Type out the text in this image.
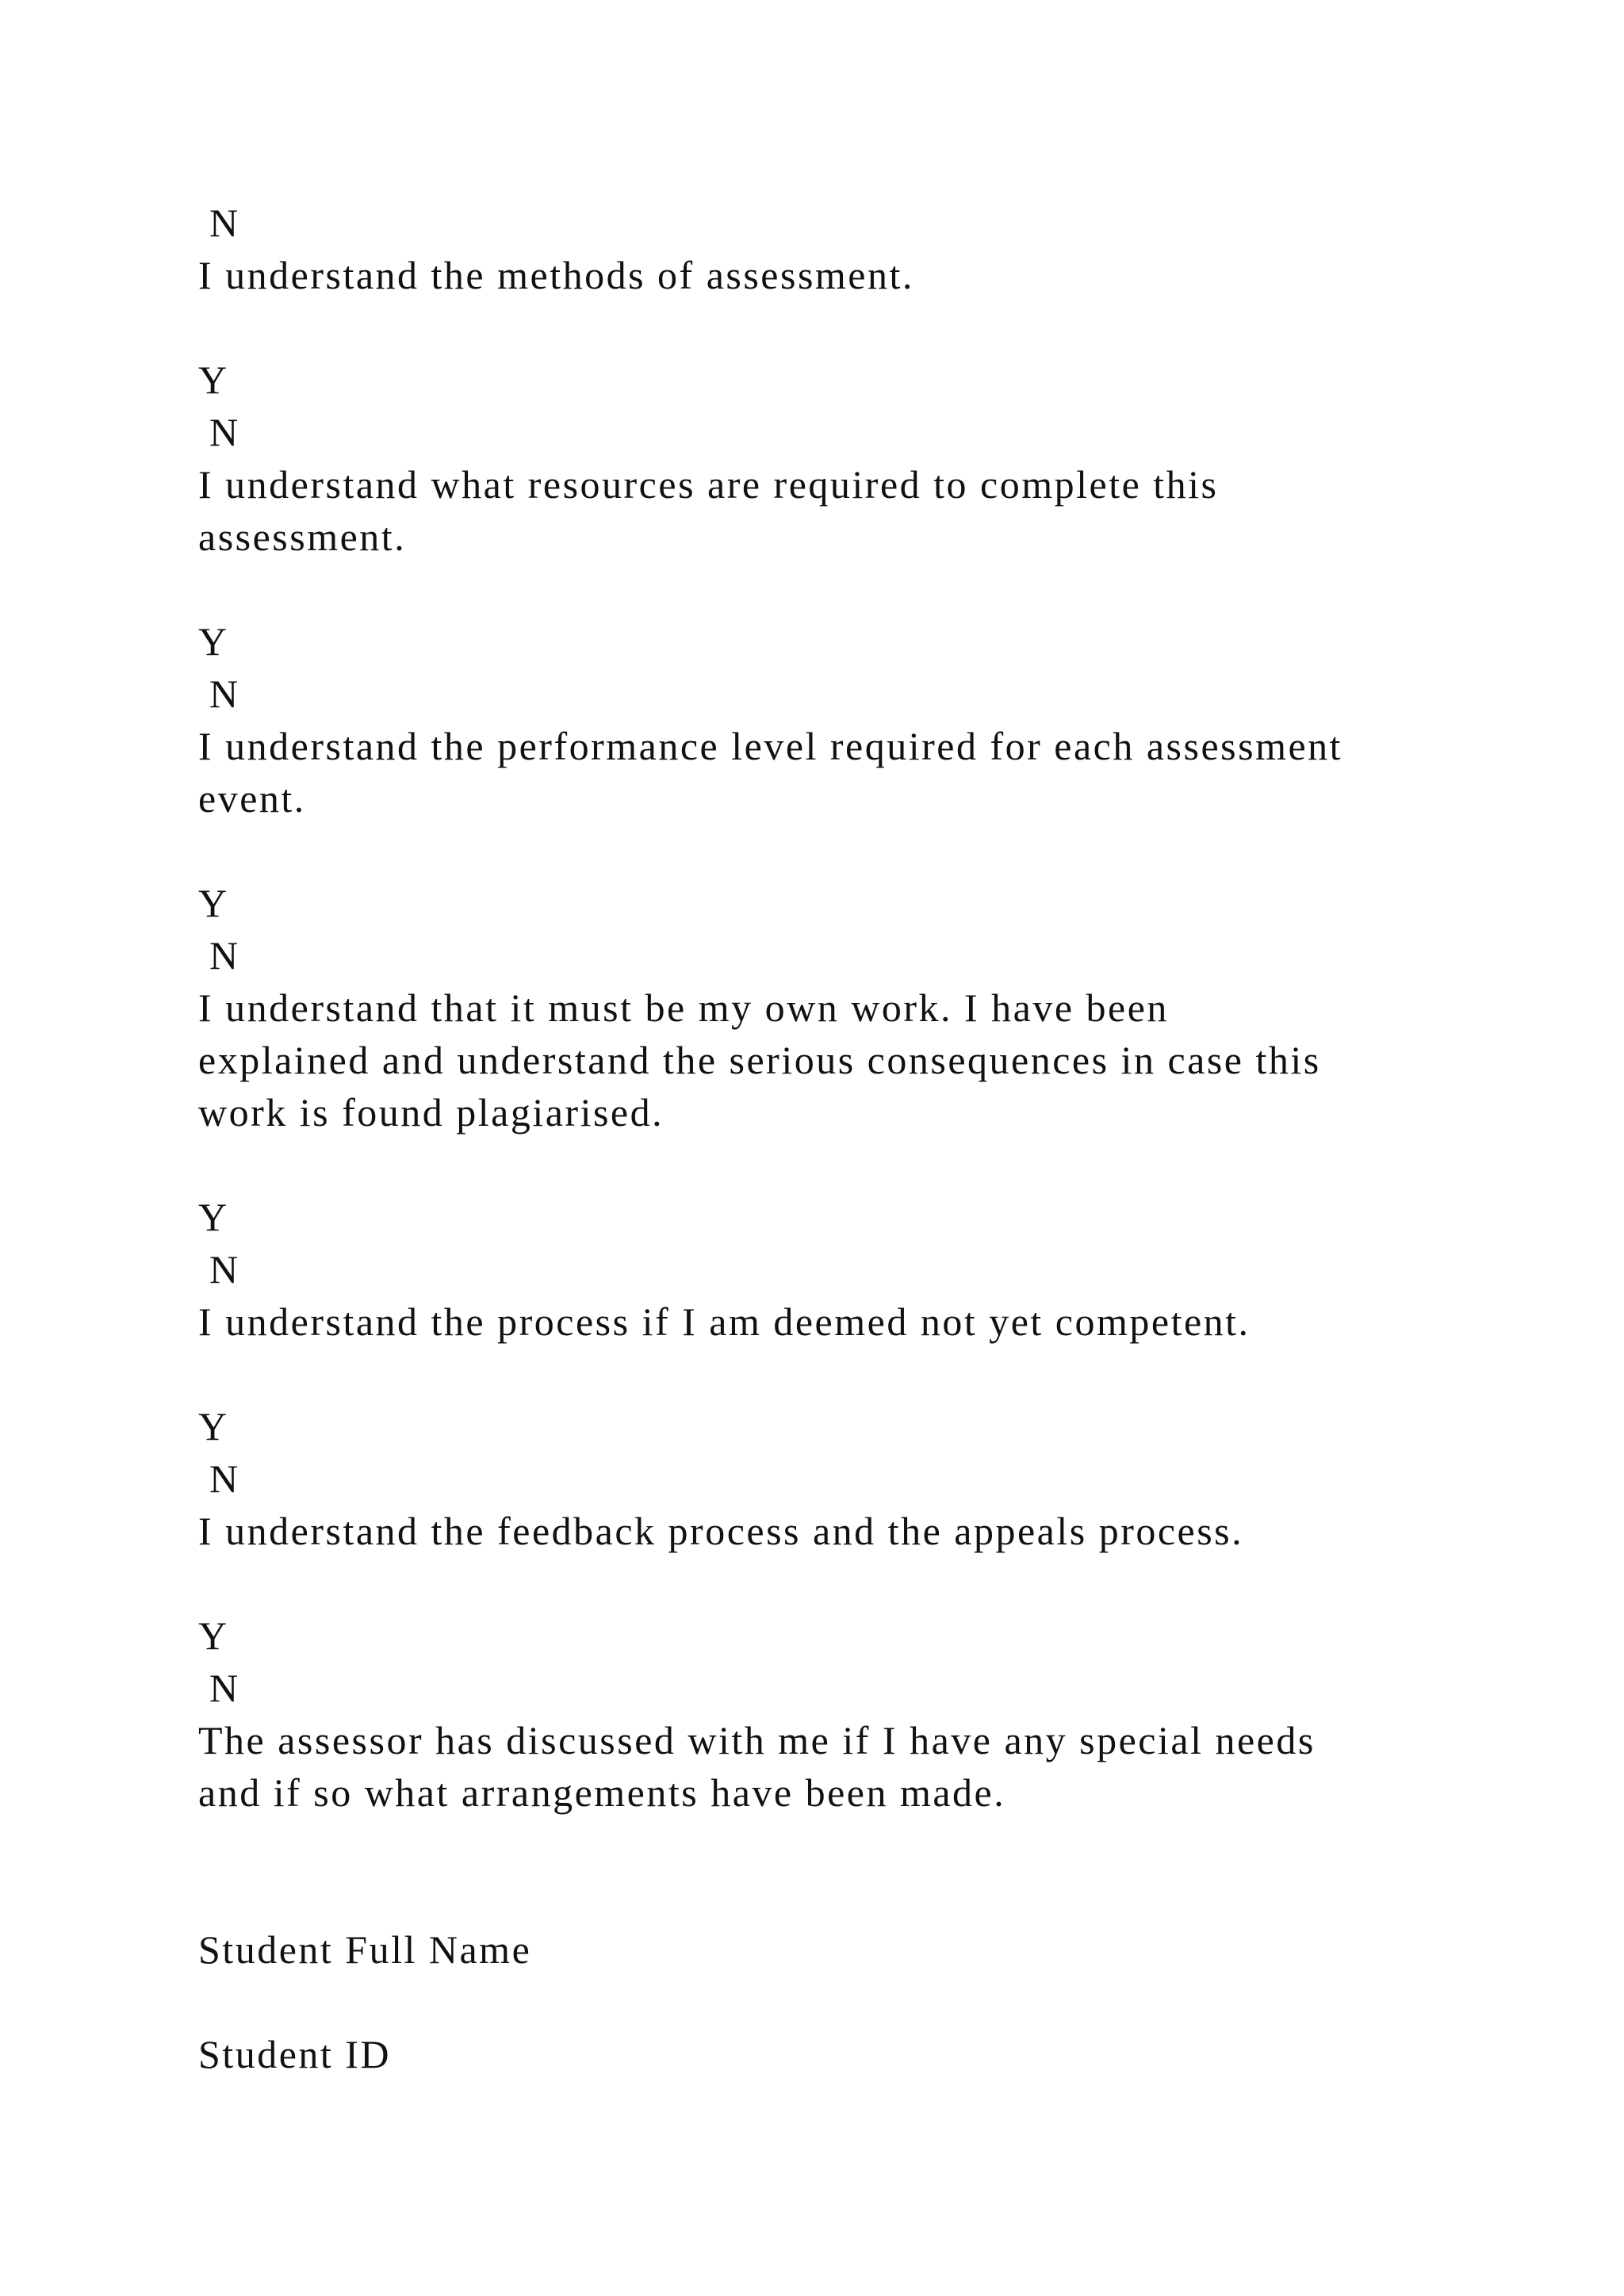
N
I understand the methods of assessment.
Y
N
I understand what resources are required to complete this
assessment.
Y
N
I understand the performance level required for each assessment
event.
Y
N
I understand that it must be my own work. I have been
explained and understand the serious consequences in case this
work is found plagiarised.
Y
N
I understand the process if I am deemed not yet competent.
Y
N
I understand the feedback process and the appeals process.
Y
N
The assessor has discussed with me if I have any special needs
and if so what arrangements have been made.
Student Full Name
Student ID
